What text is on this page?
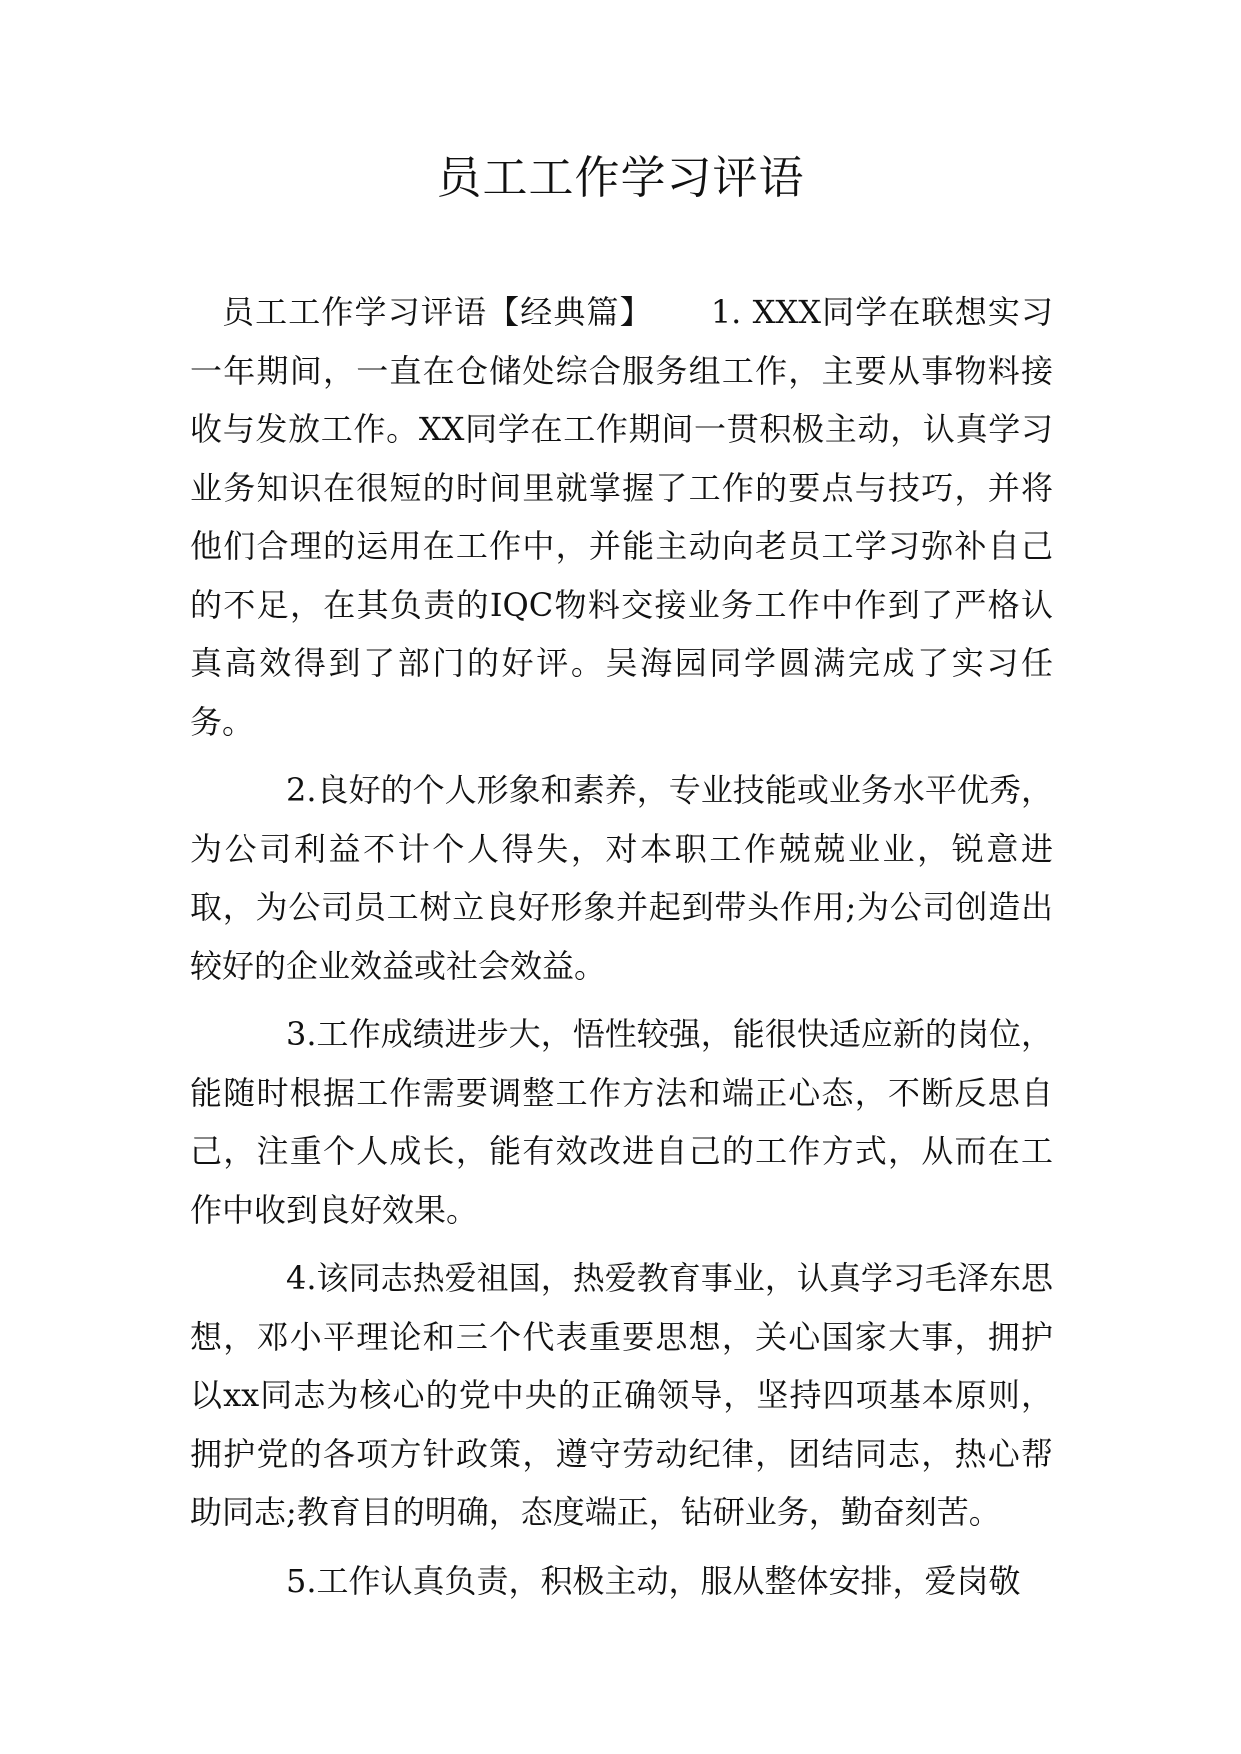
员工工作学习评语

员工工作学习评语【经典篇】 1. XXX同学在联想实习一年期间，一直在仓储处综合服务组工作，主要从事物料接收与发放工作。XX同学在工作期间一贯积极主动，认真学习业务知识在很短的时间里就掌握了工作的要点与技巧，并将他们合理的运用在工作中，并能主动向老员工学习弥补自己的不足，在其负责的IQC物料交接业务工作中作到了严格认真高效得到了部门的好评。吴海园同学圆满完成了实习任务。

2.良好的个人形象和素养，专业技能或业务水平优秀，为公司利益不计个人得失，对本职工作兢兢业业，锐意进取，为公司员工树立良好形象并起到带头作用;为公司创造出较好的企业效益或社会效益。

3.工作成绩进步大，悟性较强，能很快适应新的岗位，能随时根据工作需要调整工作方法和端正心态，不断反思自己，注重个人成长，能有效改进自己的工作方式，从而在工作中收到良好效果。

4.该同志热爱祖国，热爱教育事业，认真学习毛泽东思想，邓小平理论和三个代表重要思想，关心国家大事，拥护以xx同志为核心的党中央的正确领导，坚持四项基本原则，拥护党的各项方针政策，遵守劳动纪律，团结同志，热心帮助同志;教育目的明确，态度端正，钻研业务，勤奋刻苦。

5.工作认真负责，积极主动，服从整体安排，爱岗敬
